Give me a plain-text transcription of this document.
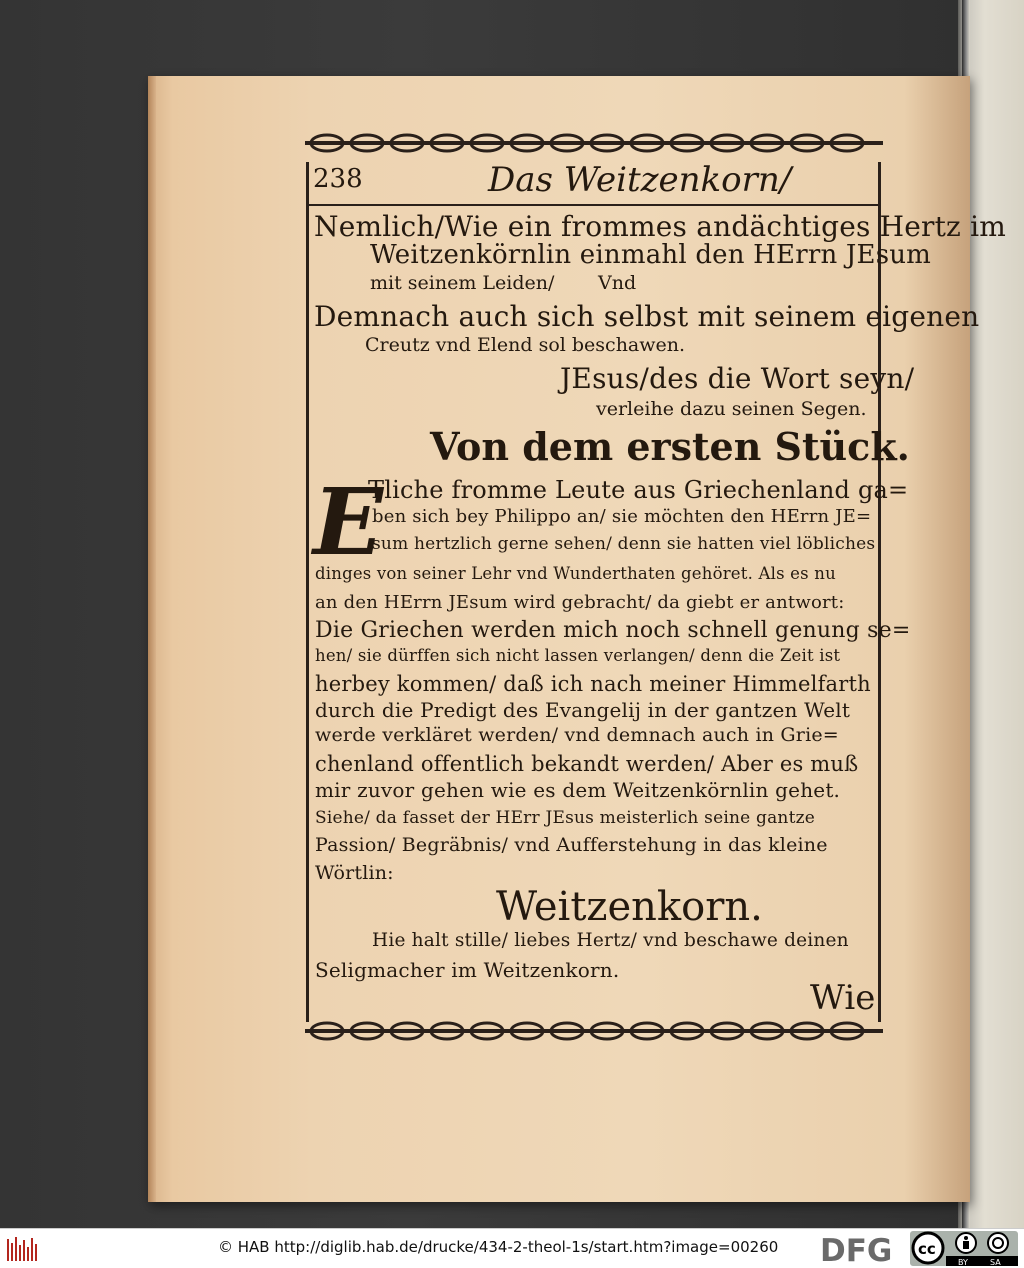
238	Das Weitzenkorn/
Nemlich/Wie ein frommes andächtiges Hertz im
Weitzenkörnlin einmahl den HErrn JEsum
mit seinem Leiden/ Vnd
Demnach auch sich selbst mit seinem eigenen
Creutz vnd Elend sol beschawen.
JEsus/des die Wort seyn/
verleihe dazu seinen Segen.
Von dem ersten Stück.
E
Tliche fromme Leute aus Griechenland ga=
ben sich bey Philippo an/ sie möchten den HErrn JE=
sum hertzlich gerne sehen/ denn sie hatten viel löbliches
dinges von seiner Lehr vnd Wunderthaten gehöret. Als es nu
an den HErrn JEsum wird gebracht/ da giebt er antwort:
Die Griechen werden mich noch schnell genung se=
hen/ sie dürffen sich nicht lassen verlangen/ denn die Zeit ist
herbey kommen/ daß ich nach meiner Himmelfarth
durch die Predigt des Evangelij in der gantzen Welt
werde verkläret werden/ vnd demnach auch in Grie=
chenland offentlich bekandt werden/ Aber es muß
mir zuvor gehen wie es dem Weitzenkörnlin gehet.
Siehe/ da fasset der HErr JEsus meisterlich seine gantze
Passion/ Begräbnis/ vnd Aufferstehung in das kleine
Wörtlin:
Weitzenkorn.
Hie halt stille/ liebes Hertz/ vnd beschawe deinen
Seligmacher im Weitzenkorn.
Wie
© HAB http://diglib.hab.de/drucke/434-2-theol-1s/start.htm?image=00260 DFG cc
BY	SA
